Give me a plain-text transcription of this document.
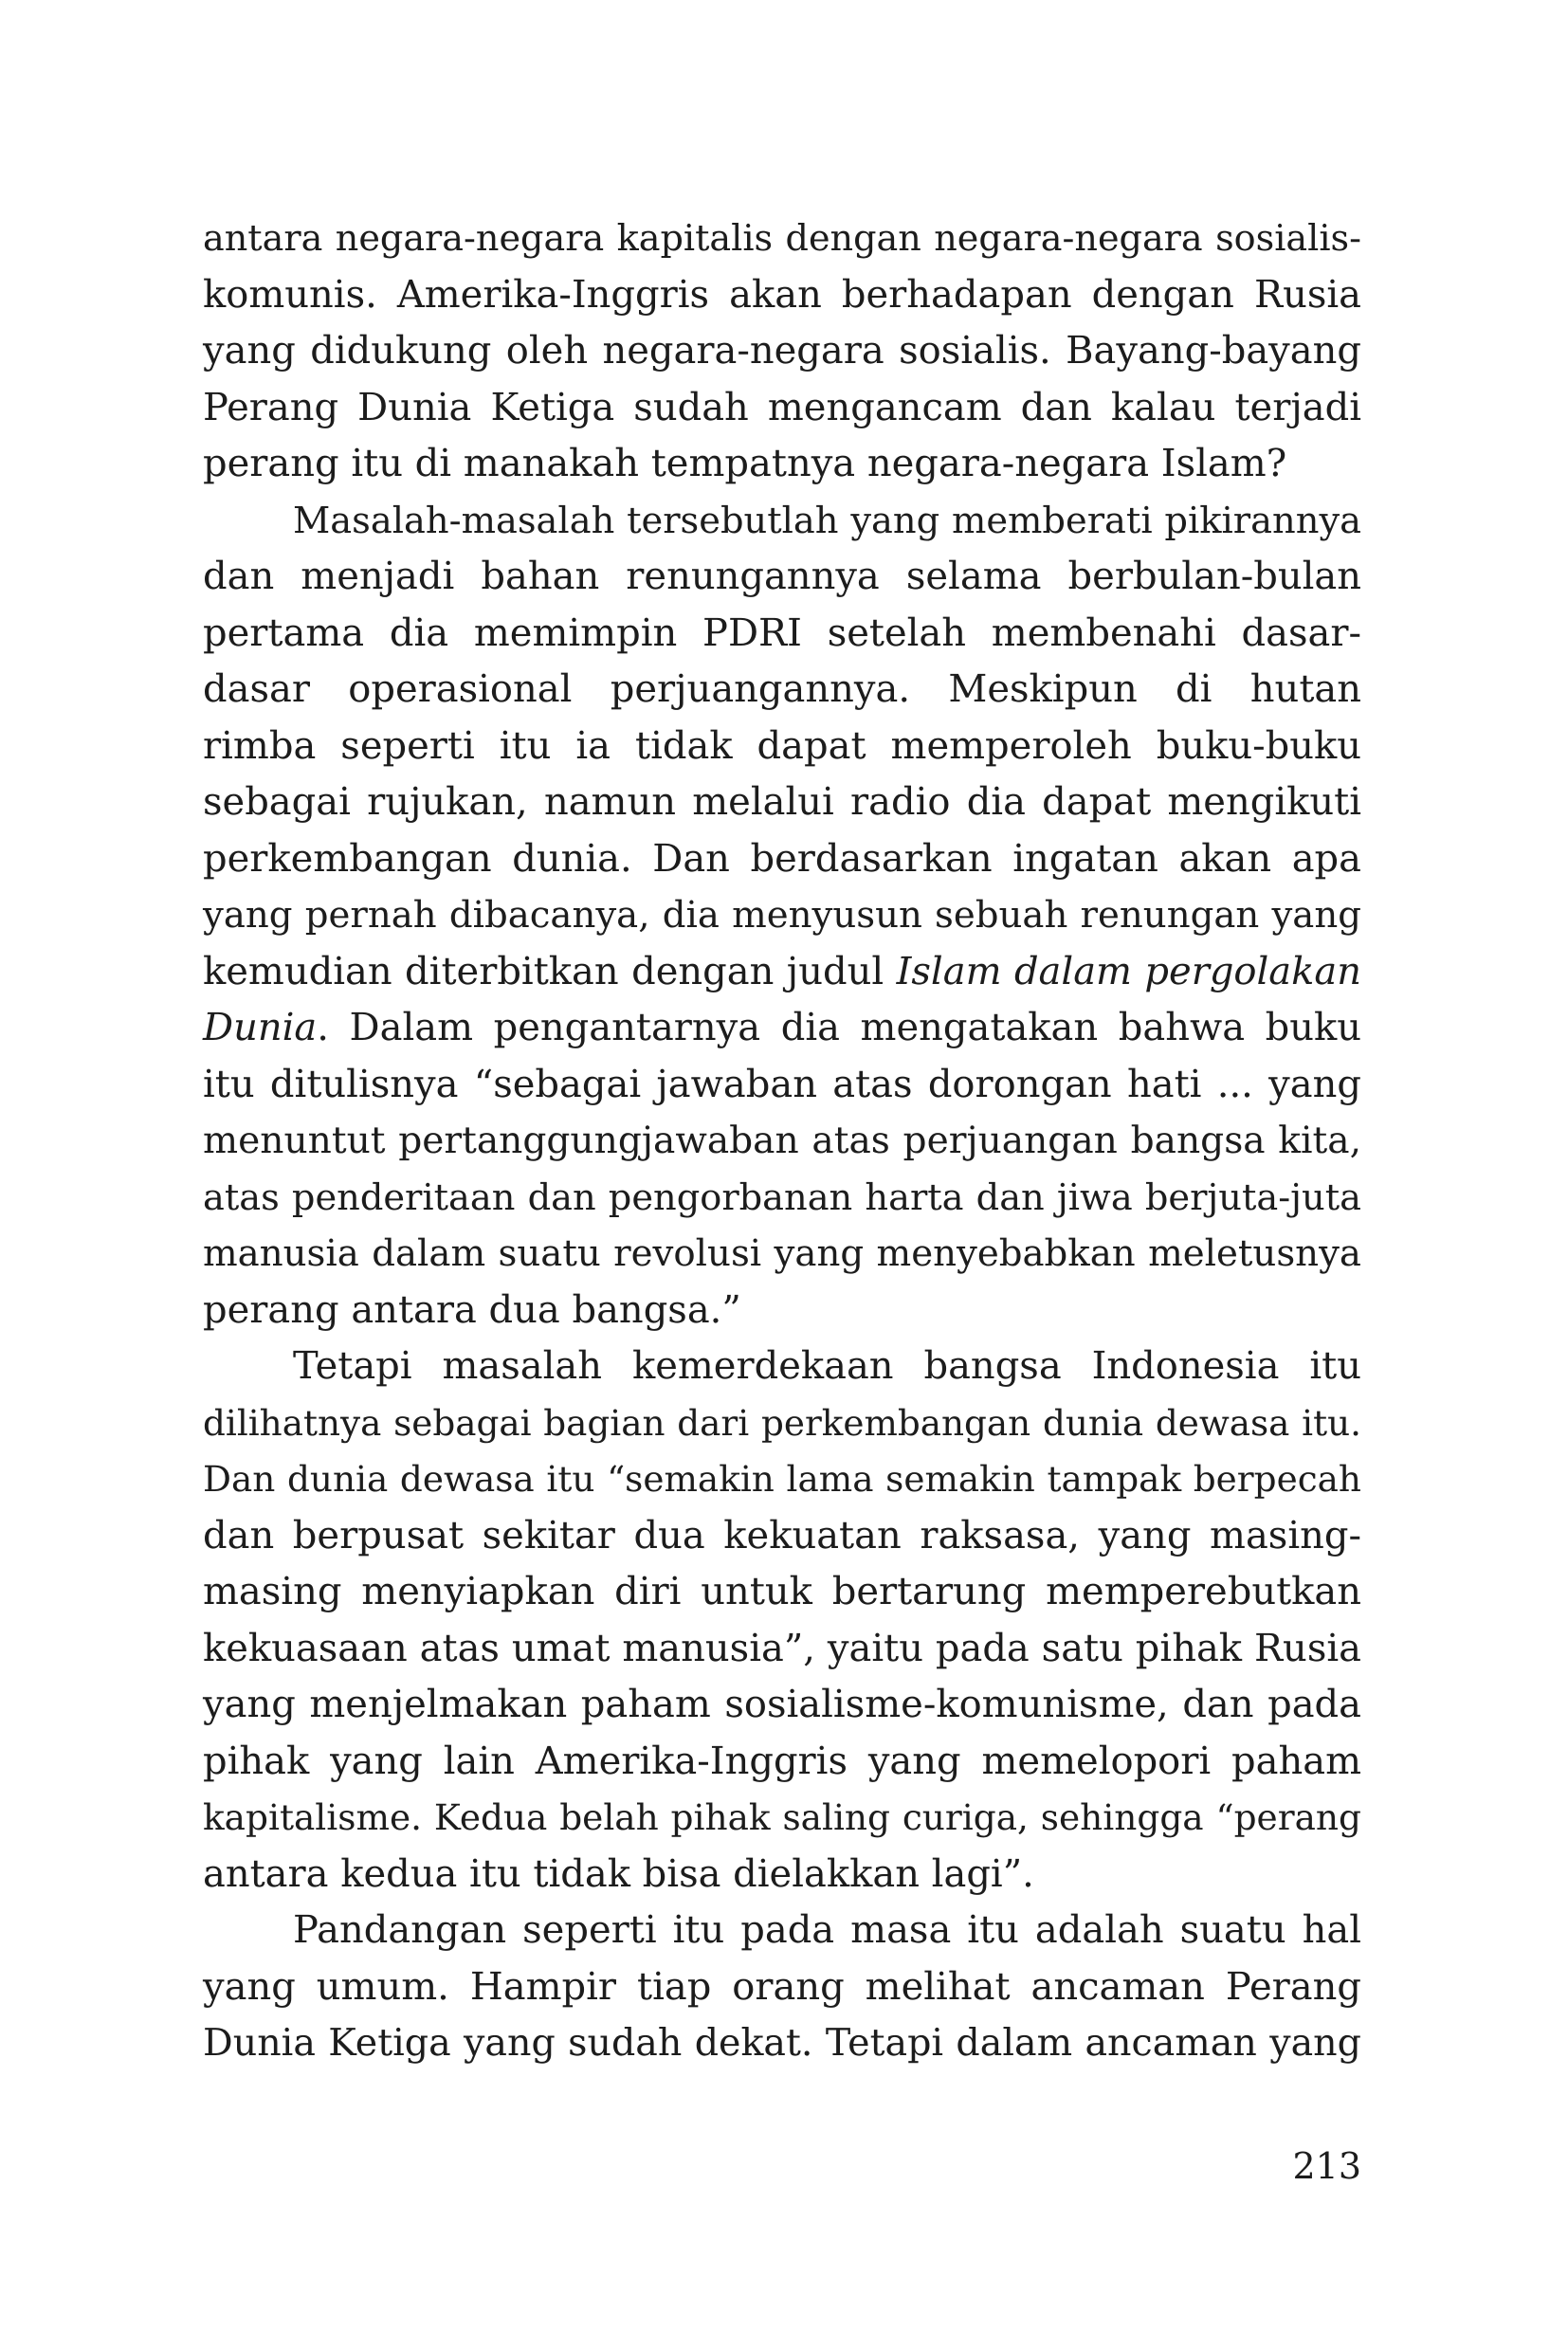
antara negara-negara kapitalis dengan negara-negara sosialis-
komunis. Amerika-Inggris akan berhadapan dengan Rusia
yang didukung oleh negara-negara sosialis. Bayang-bayang
Perang Dunia Ketiga sudah mengancam dan kalau terjadi
perang itu di manakah tempatnya negara-negara Islam?

Masalah-masalah tersebutlah yang memberati pikirannya
dan menjadi bahan renungannya selama berbulan-bulan
pertama dia memimpin PDRI setelah membenahi dasar-
dasar operasional perjuangannya. Meskipun di hutan
rimba seperti itu ia tidak dapat memperoleh buku-buku
sebagai rujukan, namun melalui radio dia dapat mengikuti
perkembangan dunia. Dan berdasarkan ingatan akan apa
yang pernah dibacanya, dia menyusun sebuah renungan yang
kemudian diterbitkan dengan judul Islam dalam pergolakan
Dunia. Dalam pengantarnya dia mengatakan bahwa buku
itu ditulisnya “sebagai jawaban atas dorongan hati ... yang
menuntut pertanggungjawaban atas perjuangan bangsa kita,
atas penderitaan dan pengorbanan harta dan jiwa berjuta-juta
manusia dalam suatu revolusi yang menyebabkan meletusnya
perang antara dua bangsa.”

Tetapi masalah kemerdekaan bangsa Indonesia itu
dilihatnya sebagai bagian dari perkembangan dunia dewasa itu.
Dan dunia dewasa itu “semakin lama semakin tampak berpecah
dan berpusat sekitar dua kekuatan raksasa, yang masing-
masing menyiapkan diri untuk bertarung memperebutkan
kekuasaan atas umat manusia”, yaitu pada satu pihak Rusia
yang menjelmakan paham sosialisme-komunisme, dan pada
pihak yang lain Amerika-Inggris yang memelopori paham
kapitalisme. Kedua belah pihak saling curiga, sehingga “perang
antara kedua itu tidak bisa dielakkan lagi”.

Pandangan seperti itu pada masa itu adalah suatu hal
yang umum. Hampir tiap orang melihat ancaman Perang
Dunia Ketiga yang sudah dekat. Tetapi dalam ancaman yang

213
